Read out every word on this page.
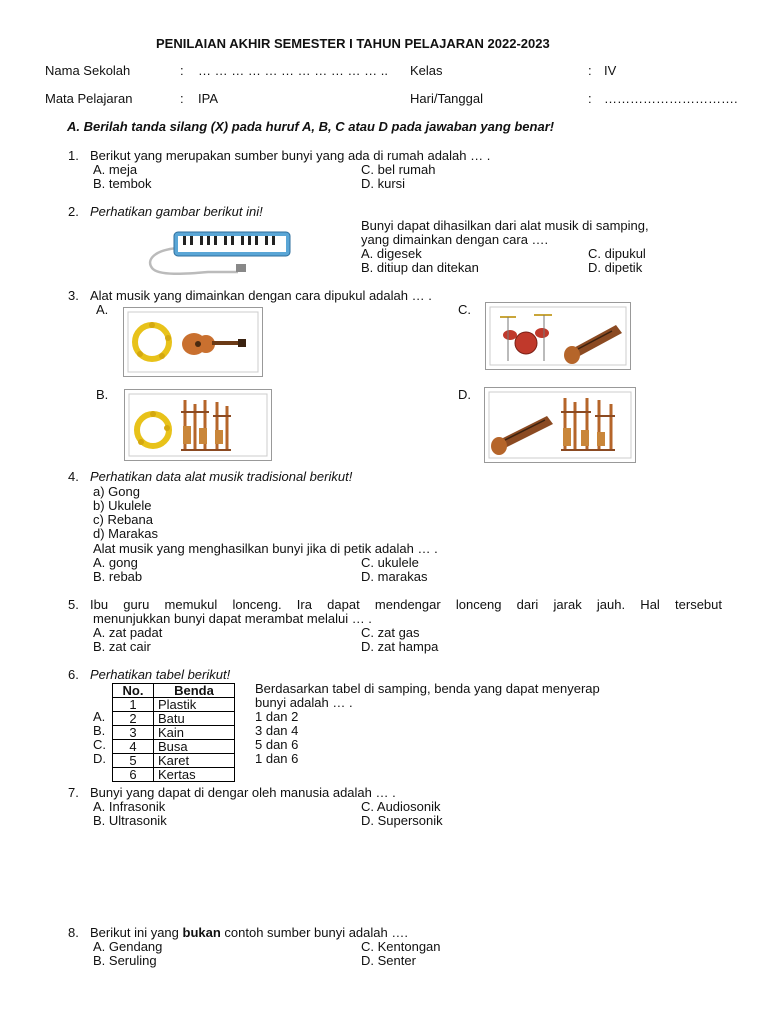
PENILAIAN AKHIR SEMESTER I TAHUN PELAJARAN 2022-2023
Nama Sekolah	: … … … … … … … … … … … .. Kelas	: IV
Mata Pelajaran	: IPA	Hari/Tanggal	: ………………………….
A. Berilah tanda silang (X) pada huruf A, B, C atau D pada jawaban yang benar!
1. Berikut yang merupakan sumber bunyi yang ada di rumah adalah … .
A. meja
B. tembok
C. bel rumah
D. kursi
2. Perhatikan gambar berikut ini!
Bunyi dapat dihasilkan dari alat musik di samping,
yang dimainkan dengan cara ….
A. digesek
B. ditiup dan ditekan
C. dipukul
D. dipetik
3. Alat musik yang dimainkan dengan cara dipukul adalah … .
A.	C.
B.	D.
4. Perhatikan data alat musik tradisional berikut!
a) Gong
b) Ukulele
c) Rebana
d) Marakas
Alat musik yang menghasilkan bunyi jika di petik adalah … .
A. gong
B. rebab
C. ukulele
D. marakas
5. Ibu guru memukul lonceng. Ira dapat mendengar lonceng dari jarak jauh. Hal tersebut
menunjukkan bunyi dapat merambat melalui … .
A. zat padat
B. zat cair
C. zat gas
D. zat hampa
6. Perhatikan tabel berikut!
No.	Benda
1	Plastik
2	Batu
3	Kain
4	Busa
5	Karet
6	Kertas
A.
B.
C.
D.
Berdasarkan tabel di samping, benda yang dapat menyerap
bunyi adalah … .
1 dan 2
3 dan 4
5 dan 6
1 dan 6
7. Bunyi yang dapat di dengar oleh manusia adalah … .
A. Infrasonik
B. Ultrasonik
C. Audiosonik
D. Supersonik
8. Berikut ini yang bukan contoh sumber bunyi adalah ….
A. Gendang
B. Seruling
C. Kentongan
D. Senter
